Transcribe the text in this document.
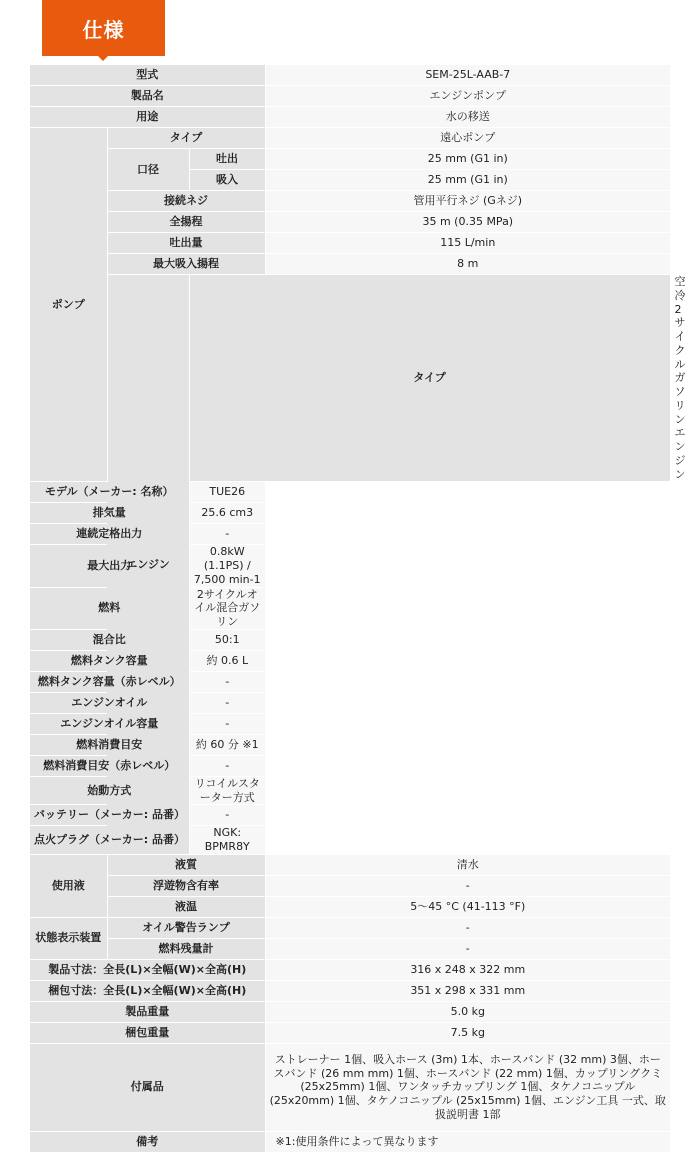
仕様
型式			SEM-25L-AAB-7	
製品名			エンジンポンプ	
用途			水の移送	
ポンプ	タイプ		遠心ポンプ	
	口径	吐出	25 mm (G1 in)	
		吸入	25 mm (G1 in)	
	接続ネジ		管用平行ネジ (Gネジ)	
	全揚程		35 m (0.35 MPa)	
	吐出量		115 L/min	
	最大吸入揚程		8 m	
	エンジン	タイプ		空冷2サイクルガソリンエンジン
モデル（メーカー: 名称）		TUE26		
排気量		25.6 cm3		
連続定格出力		-		
最大出力		0.8kW (1.1PS) / 7,500 min-1		
燃料		2サイクルオイル混合ガソリン		
混合比		50:1		
燃料タンク容量		約 0.6 L		
燃料タンク容量（赤レベル）		-		
エンジンオイル		-		
エンジンオイル容量		-		
燃料消費目安		約 60 分 ※1		
燃料消費目安（赤レベル）		-		
始動方式		リコイルスターター方式		
バッテリー（メーカー: 品番）		-		
点火プラグ（メーカー: 品番）		NGK: BPMR8Y		
使用液	液質		清水	
	浮遊物含有率		-	
	液温		5～45 °C (41-113 °F)	
状態表示装置	オイル警告ランプ		-	
	燃料残量計		-	
製品寸法：全長(L)×全幅(W)×全高(H)			316 x 248 x 322 mm	
梱包寸法：全長(L)×全幅(W)×全高(H)			351 x 298 x 331 mm	
製品重量			5.0 kg	
梱包重量			7.5 kg	
付属品			ストレーナー 1個、吸入ホース (3m) 1本、ホースバンド (32 mm) 3個、ホースバンド (26 mm mm) 1個、ホースバンド (22 mm) 1個、カップリングクミ (25x25mm) 1個、ワンタッチカップリング 1個、タケノコニップル (25x20mm) 1個、タケノコニップル (25x15mm) 1個、エンジン工具 一式、取扱説明書 1部	
備考			※1:使用条件によって異なります	
